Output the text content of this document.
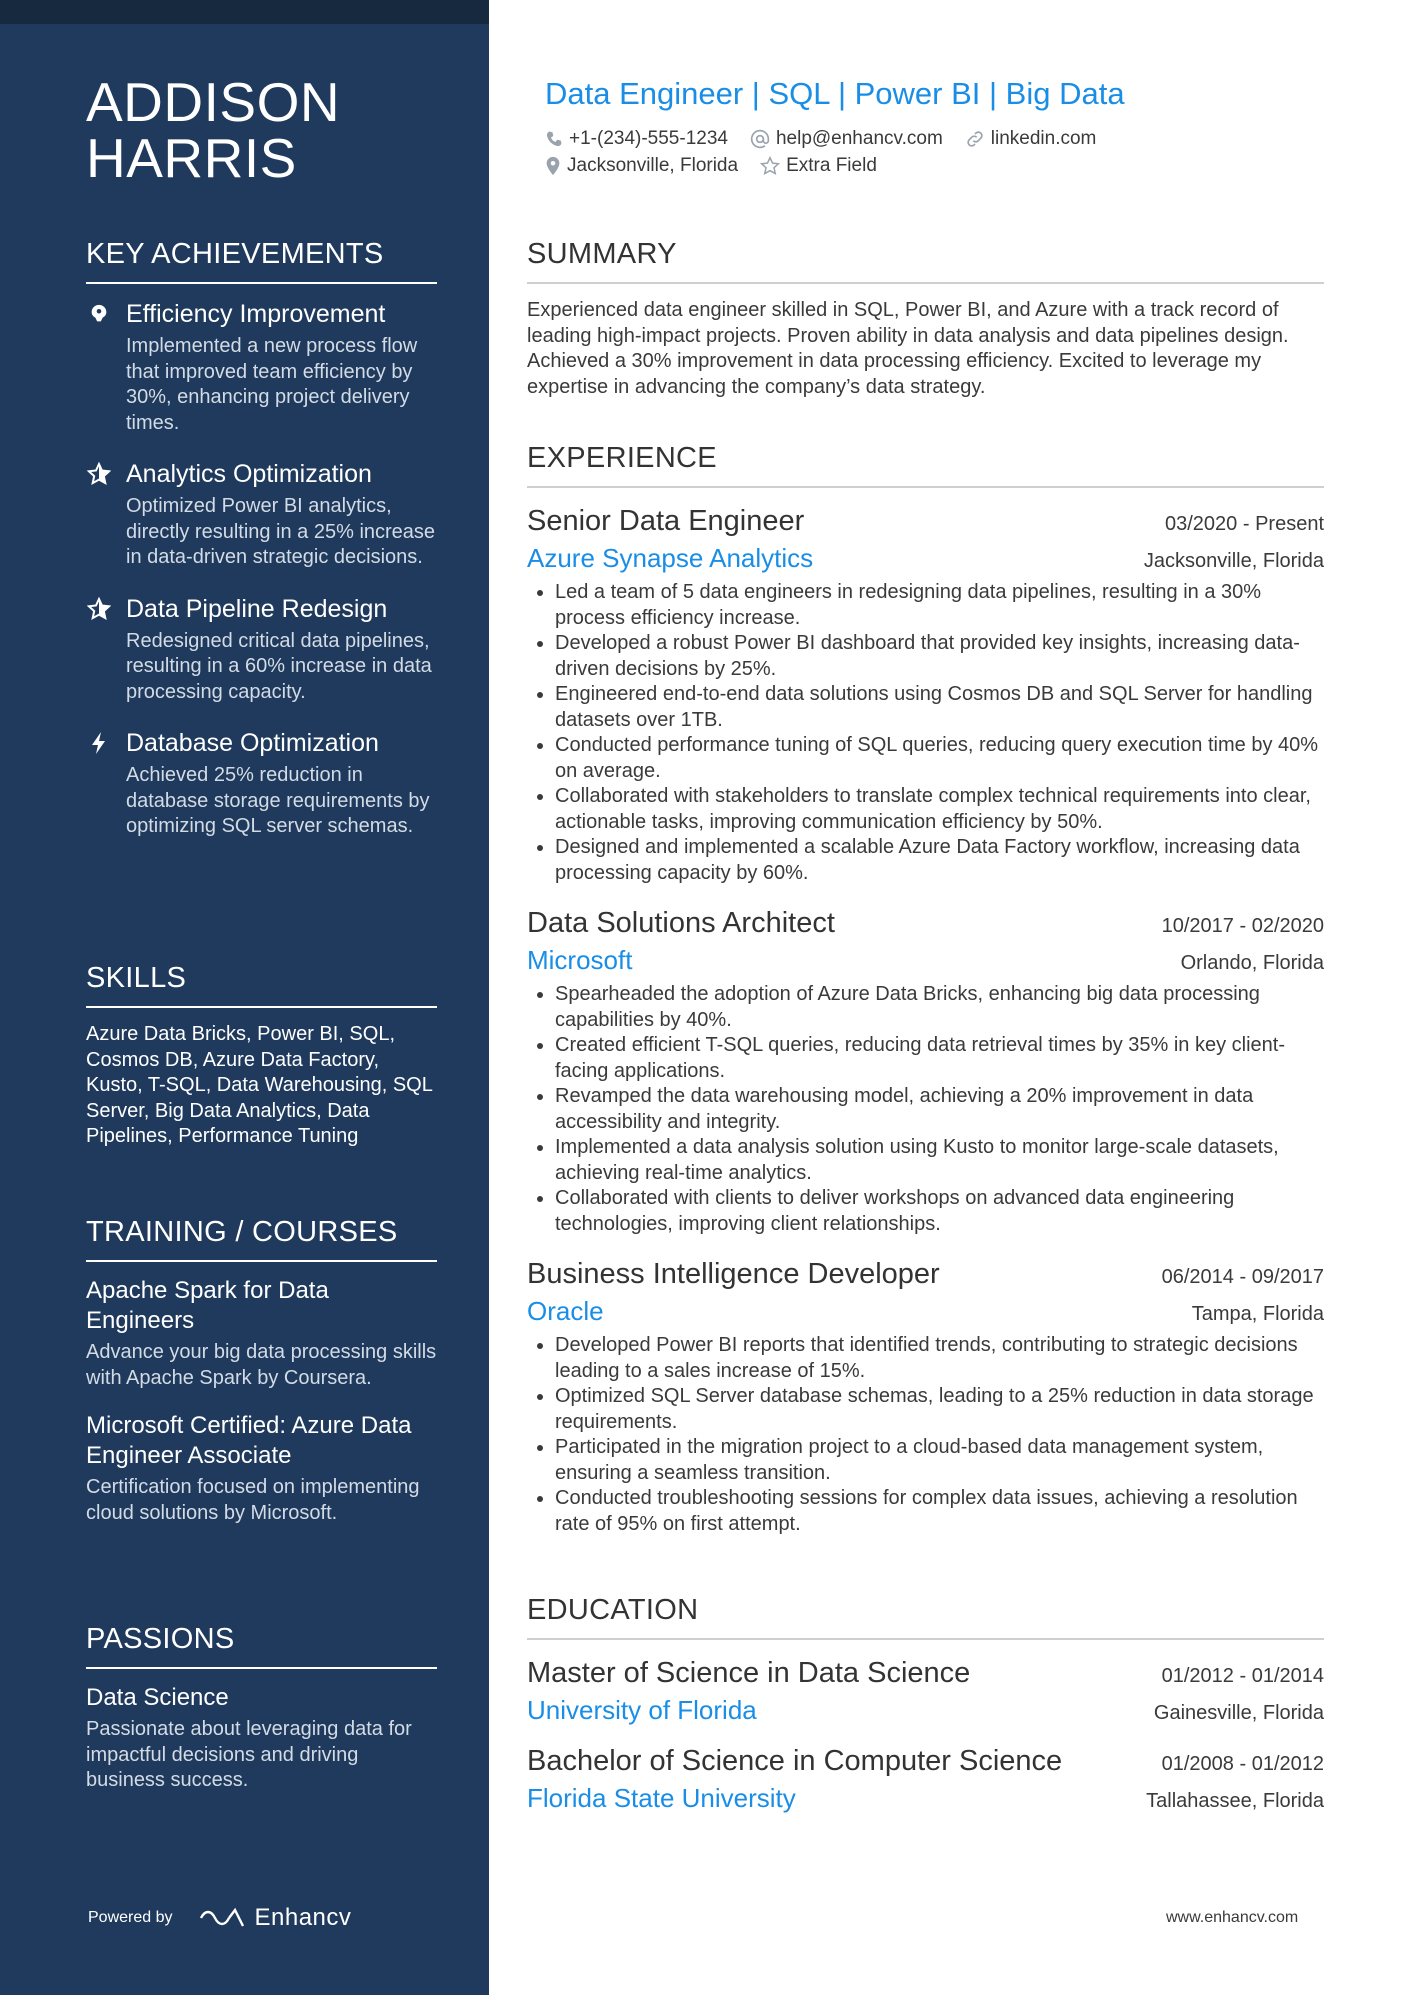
ADDISON
HARRIS
KEY ACHIEVEMENTS
Efficiency Improvement
Implemented a new process flow that improved team efficiency by 30%, enhancing project delivery times.
Analytics Optimization
Optimized Power BI analytics, directly resulting in a 25% increase in data-driven strategic decisions.
Data Pipeline Redesign
Redesigned critical data pipelines, resulting in a 60% increase in data processing capacity.
Database Optimization
Achieved 25% reduction in database storage requirements by optimizing SQL server schemas.
SKILLS
Azure Data Bricks, Power BI, SQL, Cosmos DB, Azure Data Factory, Kusto, T-SQL, Data Warehousing, SQL Server, Big Data Analytics, Data Pipelines, Performance Tuning
TRAINING / COURSES
Apache Spark for Data Engineers
Advance your big data processing skills with Apache Spark by Coursera.
Microsoft Certified: Azure Data Engineer Associate
Certification focused on implementing cloud solutions by Microsoft.
PASSIONS
Data Science
Passionate about leveraging data for impactful decisions and driving business success.
Powered by	Enhancv
Data Engineer | SQL | Power BI | Big Data
+1-(234)-555-1234	help@enhancv.com	linkedin.com
Jacksonville, Florida	Extra Field
SUMMARY
Experienced data engineer skilled in SQL, Power BI, and Azure with a track record of leading high-impact projects. Proven ability in data analysis and data pipelines design. Achieved a 30% improvement in data processing efficiency. Excited to leverage my expertise in advancing the company’s data strategy.
EXPERIENCE
Senior Data Engineer	03/2020 - Present
Azure Synapse Analytics	Jacksonville, Florida
• Led a team of 5 data engineers in redesigning data pipelines, resulting in a 30% process efficiency increase.
• Developed a robust Power BI dashboard that provided key insights, increasing data-driven decisions by 25%.
• Engineered end-to-end data solutions using Cosmos DB and SQL Server for handling datasets over 1TB.
• Conducted performance tuning of SQL queries, reducing query execution time by 40% on average.
• Collaborated with stakeholders to translate complex technical requirements into clear, actionable tasks, improving communication efficiency by 50%.
• Designed and implemented a scalable Azure Data Factory workflow, increasing data processing capacity by 60%.
Data Solutions Architect	10/2017 - 02/2020
Microsoft	Orlando, Florida
• Spearheaded the adoption of Azure Data Bricks, enhancing big data processing capabilities by 40%.
• Created efficient T-SQL queries, reducing data retrieval times by 35% in key client-facing applications.
• Revamped the data warehousing model, achieving a 20% improvement in data accessibility and integrity.
• Implemented a data analysis solution using Kusto to monitor large-scale datasets, achieving real-time analytics.
• Collaborated with clients to deliver workshops on advanced data engineering technologies, improving client relationships.
Business Intelligence Developer	06/2014 - 09/2017
Oracle	Tampa, Florida
• Developed Power BI reports that identified trends, contributing to strategic decisions leading to a sales increase of 15%.
• Optimized SQL Server database schemas, leading to a 25% reduction in data storage requirements.
• Participated in the migration project to a cloud-based data management system, ensuring a seamless transition.
• Conducted troubleshooting sessions for complex data issues, achieving a resolution rate of 95% on first attempt.
EDUCATION
Master of Science in Data Science	01/2012 - 01/2014
University of Florida	Gainesville, Florida
Bachelor of Science in Computer Science	01/2008 - 01/2012
Florida State University	Tallahassee, Florida
www.enhancv.com
